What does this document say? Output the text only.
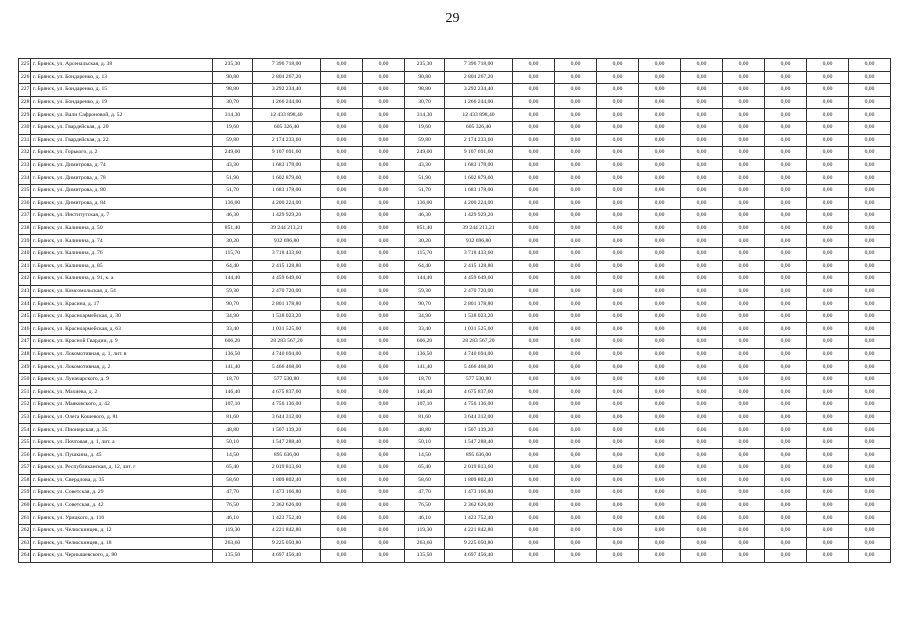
29
225	г. Брянск, ул. Арсенальская, д. 38	235,30	7 396 718,00	0,00	0,00	235,30	7 396 718,00	0,00	0,00	0,00	0,00	0,00	0,00	0,00	0,00	0,00
226	г. Брянск, ул. Бондаренко, д. 13	90,80	2 804 267,20	0,00	0,00	90,80	2 804 267,20	0,00	0,00	0,00	0,00	0,00	0,00	0,00	0,00	0,00
227	г. Брянск, ул. Бондаренко, д. 15	98,80	3 292 234,40	0,00	0,00	98,80	3 292 234,40	0,00	0,00	0,00	0,00	0,00	0,00	0,00	0,00	0,00
228	г. Брянск, ул. Бондаренко, д. 19	30,70	1 266 244,00	0,00	0,00	30,70	1 266 244,00	0,00	0,00	0,00	0,00	0,00	0,00	0,00	0,00	0,00
229	г. Брянск, ул. Вали Сафроновой, д. 52	314,30	12 433 898,40	0,00	0,00	314,30	12 433 898,40	0,00	0,00	0,00	0,00	0,00	0,00	0,00	0,00	0,00
230	г. Брянск, ул. Гвардейская, д. 20	19,60	605 326,40	0,00	0,00	19,60	605 326,40	0,00	0,00	0,00	0,00	0,00	0,00	0,00	0,00	0,00
231	г. Брянск, ул. Гвардейская, д. 22	59,80	2 174 233,60	0,00	0,00	59,80	2 174 233,60	0,00	0,00	0,00	0,00	0,00	0,00	0,00	0,00	0,00
232	г. Брянск, ул. Горького, д. 2	249,00	9 107 691,60	0,00	0,00	249,00	9 107 691,60	0,00	0,00	0,00	0,00	0,00	0,00	0,00	0,00	0,00
233	г. Брянск, ул. Димитрова, д. 74	43,30	1 683 178,00	0,00	0,00	43,30	1 683 178,00	0,00	0,00	0,00	0,00	0,00	0,00	0,00	0,00	0,00
234	г. Брянск, ул. Димитрова, д. 78	51,90	1 602 879,60	0,00	0,00	51,90	1 602 879,60	0,00	0,00	0,00	0,00	0,00	0,00	0,00	0,00	0,00
235	г. Брянск, ул. Димитрова, д. 80	51,70	1 683 178,00	0,00	0,00	51,70	1 683 178,00	0,00	0,00	0,00	0,00	0,00	0,00	0,00	0,00	0,00
236	г. Брянск, ул. Димитрова, д. 84	136,00	4 200 224,00	0,00	0,00	136,00	4 200 224,00	0,00	0,00	0,00	0,00	0,00	0,00	0,00	0,00	0,00
237	г. Брянск, ул. Институтская, д. 7	46,30	1 429 929,20	0,00	0,00	46,30	1 429 929,20	0,00	0,00	0,00	0,00	0,00	0,00	0,00	0,00	0,00
238	г. Брянск, ул. Калинина, д. 50	851,40	39 244 213,21	0,00	0,00	851,40	39 244 213,21	0,00	0,00	0,00	0,00	0,00	0,00	0,00	0,00	0,00
239	г. Брянск, ул. Калинина, д. 74	30,20	932 696,80	0,00	0,00	30,20	932 696,80	0,00	0,00	0,00	0,00	0,00	0,00	0,00	0,00	0,00
240	г. Брянск, ул. Калинина, д. 76	115,70	3 718 433,60	0,00	0,00	115,70	3 718 433,60	0,00	0,00	0,00	0,00	0,00	0,00	0,00	0,00	0,00
241	г. Брянск, ул. Калинина, д. 85	64,40	2 415 128,80	0,00	0,00	64,40	2 415 128,80	0,00	0,00	0,00	0,00	0,00	0,00	0,00	0,00	0,00
242	г. Брянск, ул. Калинина, д. 91, к. а	144,40	4 459 649,60	0,00	0,00	144,40	4 459 649,60	0,00	0,00	0,00	0,00	0,00	0,00	0,00	0,00	0,00
243	г. Брянск, ул. Комсомольская, д. 54	59,30	2 470 720,00	0,00	0,00	59,30	2 470 720,00	0,00	0,00	0,00	0,00	0,00	0,00	0,00	0,00	0,00
244	г. Брянск, ул. Красина, д. 17	90,70	2 801 178,80	0,00	0,00	90,70	2 801 178,80	0,00	0,00	0,00	0,00	0,00	0,00	0,00	0,00	0,00
245	г. Брянск, ул. Красноармейская, д. 30	34,90	1 538 023,20	0,00	0,00	34,90	1 538 023,20	0,00	0,00	0,00	0,00	0,00	0,00	0,00	0,00	0,00
246	г. Брянск, ул. Красноармейская, д. 63	33,40	1 031 525,60	0,00	0,00	33,40	1 031 525,60	0,00	0,00	0,00	0,00	0,00	0,00	0,00	0,00	0,00
247	г. Брянск, ул. Красной Гвардии, д. 9	606,20	28 283 567,20	0,00	0,00	606,20	28 283 567,20	0,00	0,00	0,00	0,00	0,00	0,00	0,00	0,00	0,00
248	г. Брянск, ул. Локомотивная, д. 1, лит. в	136,50	4 740 694,00	0,00	0,00	136,50	4 740 694,00	0,00	0,00	0,00	0,00	0,00	0,00	0,00	0,00	0,00
249	г. Брянск, ул. Локомотивная, д. 2	141,40	5 466 468,00	0,00	0,00	141,40	5 466 468,00	0,00	0,00	0,00	0,00	0,00	0,00	0,00	0,00	0,00
250	г. Брянск, ул. Луначарского, д. 9	18,70	577 530,80	0,00	0,00	18,70	577 530,80	0,00	0,00	0,00	0,00	0,00	0,00	0,00	0,00	0,00
251	г. Брянск, ул. Махиева, д. 2	146,40	4 675 837,60	0,00	0,00	146,40	4 675 837,60	0,00	0,00	0,00	0,00	0,00	0,00	0,00	0,00	0,00
252	г. Брянск, ул. Маяковского, д. 42	107,10	4 756 136,00	0,00	0,00	107,10	4 756 136,00	0,00	0,00	0,00	0,00	0,00	0,00	0,00	0,00	0,00
253	г. Брянск, ул. Олега Кошевого, д. 81	81,60	3 644 312,00	0,00	0,00	81,60	3 644 312,00	0,00	0,00	0,00	0,00	0,00	0,00	0,00	0,00	0,00
254	г. Брянск, ул. Пионерская, д. 35	48,80	1 507 139,20	0,00	0,00	48,80	1 507 139,20	0,00	0,00	0,00	0,00	0,00	0,00	0,00	0,00	0,00
255	г. Брянск, ул. Почтовая, д. 1, лит. а	50,10	1 547 288,40	0,00	0,00	50,10	1 547 288,40	0,00	0,00	0,00	0,00	0,00	0,00	0,00	0,00	0,00
256	г. Брянск, ул. Пушкина, д. 45	14,50	895 636,00	0,00	0,00	14,50	895 636,00	0,00	0,00	0,00	0,00	0,00	0,00	0,00	0,00	0,00
257	г. Брянск, ул. Республиканская, д. 12, лит. г	65,40	2 019 813,60	0,00	0,00	65,40	2 019 813,60	0,00	0,00	0,00	0,00	0,00	0,00	0,00	0,00	0,00
258	г. Брянск, ул. Свердлова, д. 35	58,60	1 809 802,40	0,00	0,00	58,60	1 809 802,40	0,00	0,00	0,00	0,00	0,00	0,00	0,00	0,00	0,00
259	г. Брянск, ул. Советская, д. 29	47,70	1 473 166,80	0,00	0,00	47,70	1 473 166,80	0,00	0,00	0,00	0,00	0,00	0,00	0,00	0,00	0,00
260	г. Брянск, ул. Советская, д. 42	76,50	2 362 626,00	0,00	0,00	76,50	2 362 626,00	0,00	0,00	0,00	0,00	0,00	0,00	0,00	0,00	0,00
261	г. Брянск, ул. Урицкого, д. 116	46,10	1 423 752,40	0,00	0,00	46,10	1 423 752,40	0,00	0,00	0,00	0,00	0,00	0,00	0,00	0,00	0,00
262	г. Брянск, ул. Челюскинцев, д. 12	119,30	4 221 842,80	0,00	0,00	119,30	4 221 842,80	0,00	0,00	0,00	0,00	0,00	0,00	0,00	0,00	0,00
263	г. Брянск, ул. Челюскинцев, д. 18	263,60	9 225 050,80	0,00	0,00	263,60	9 225 050,80	0,00	0,00	0,00	0,00	0,00	0,00	0,00	0,00	0,00
264	г. Брянск, ул. Чернышевского, д. 80	135,50	4 697 456,40	0,00	0,00	135,50	4 697 456,40	0,00	0,00	0,00	0,00	0,00	0,00	0,00	0,00	0,00
